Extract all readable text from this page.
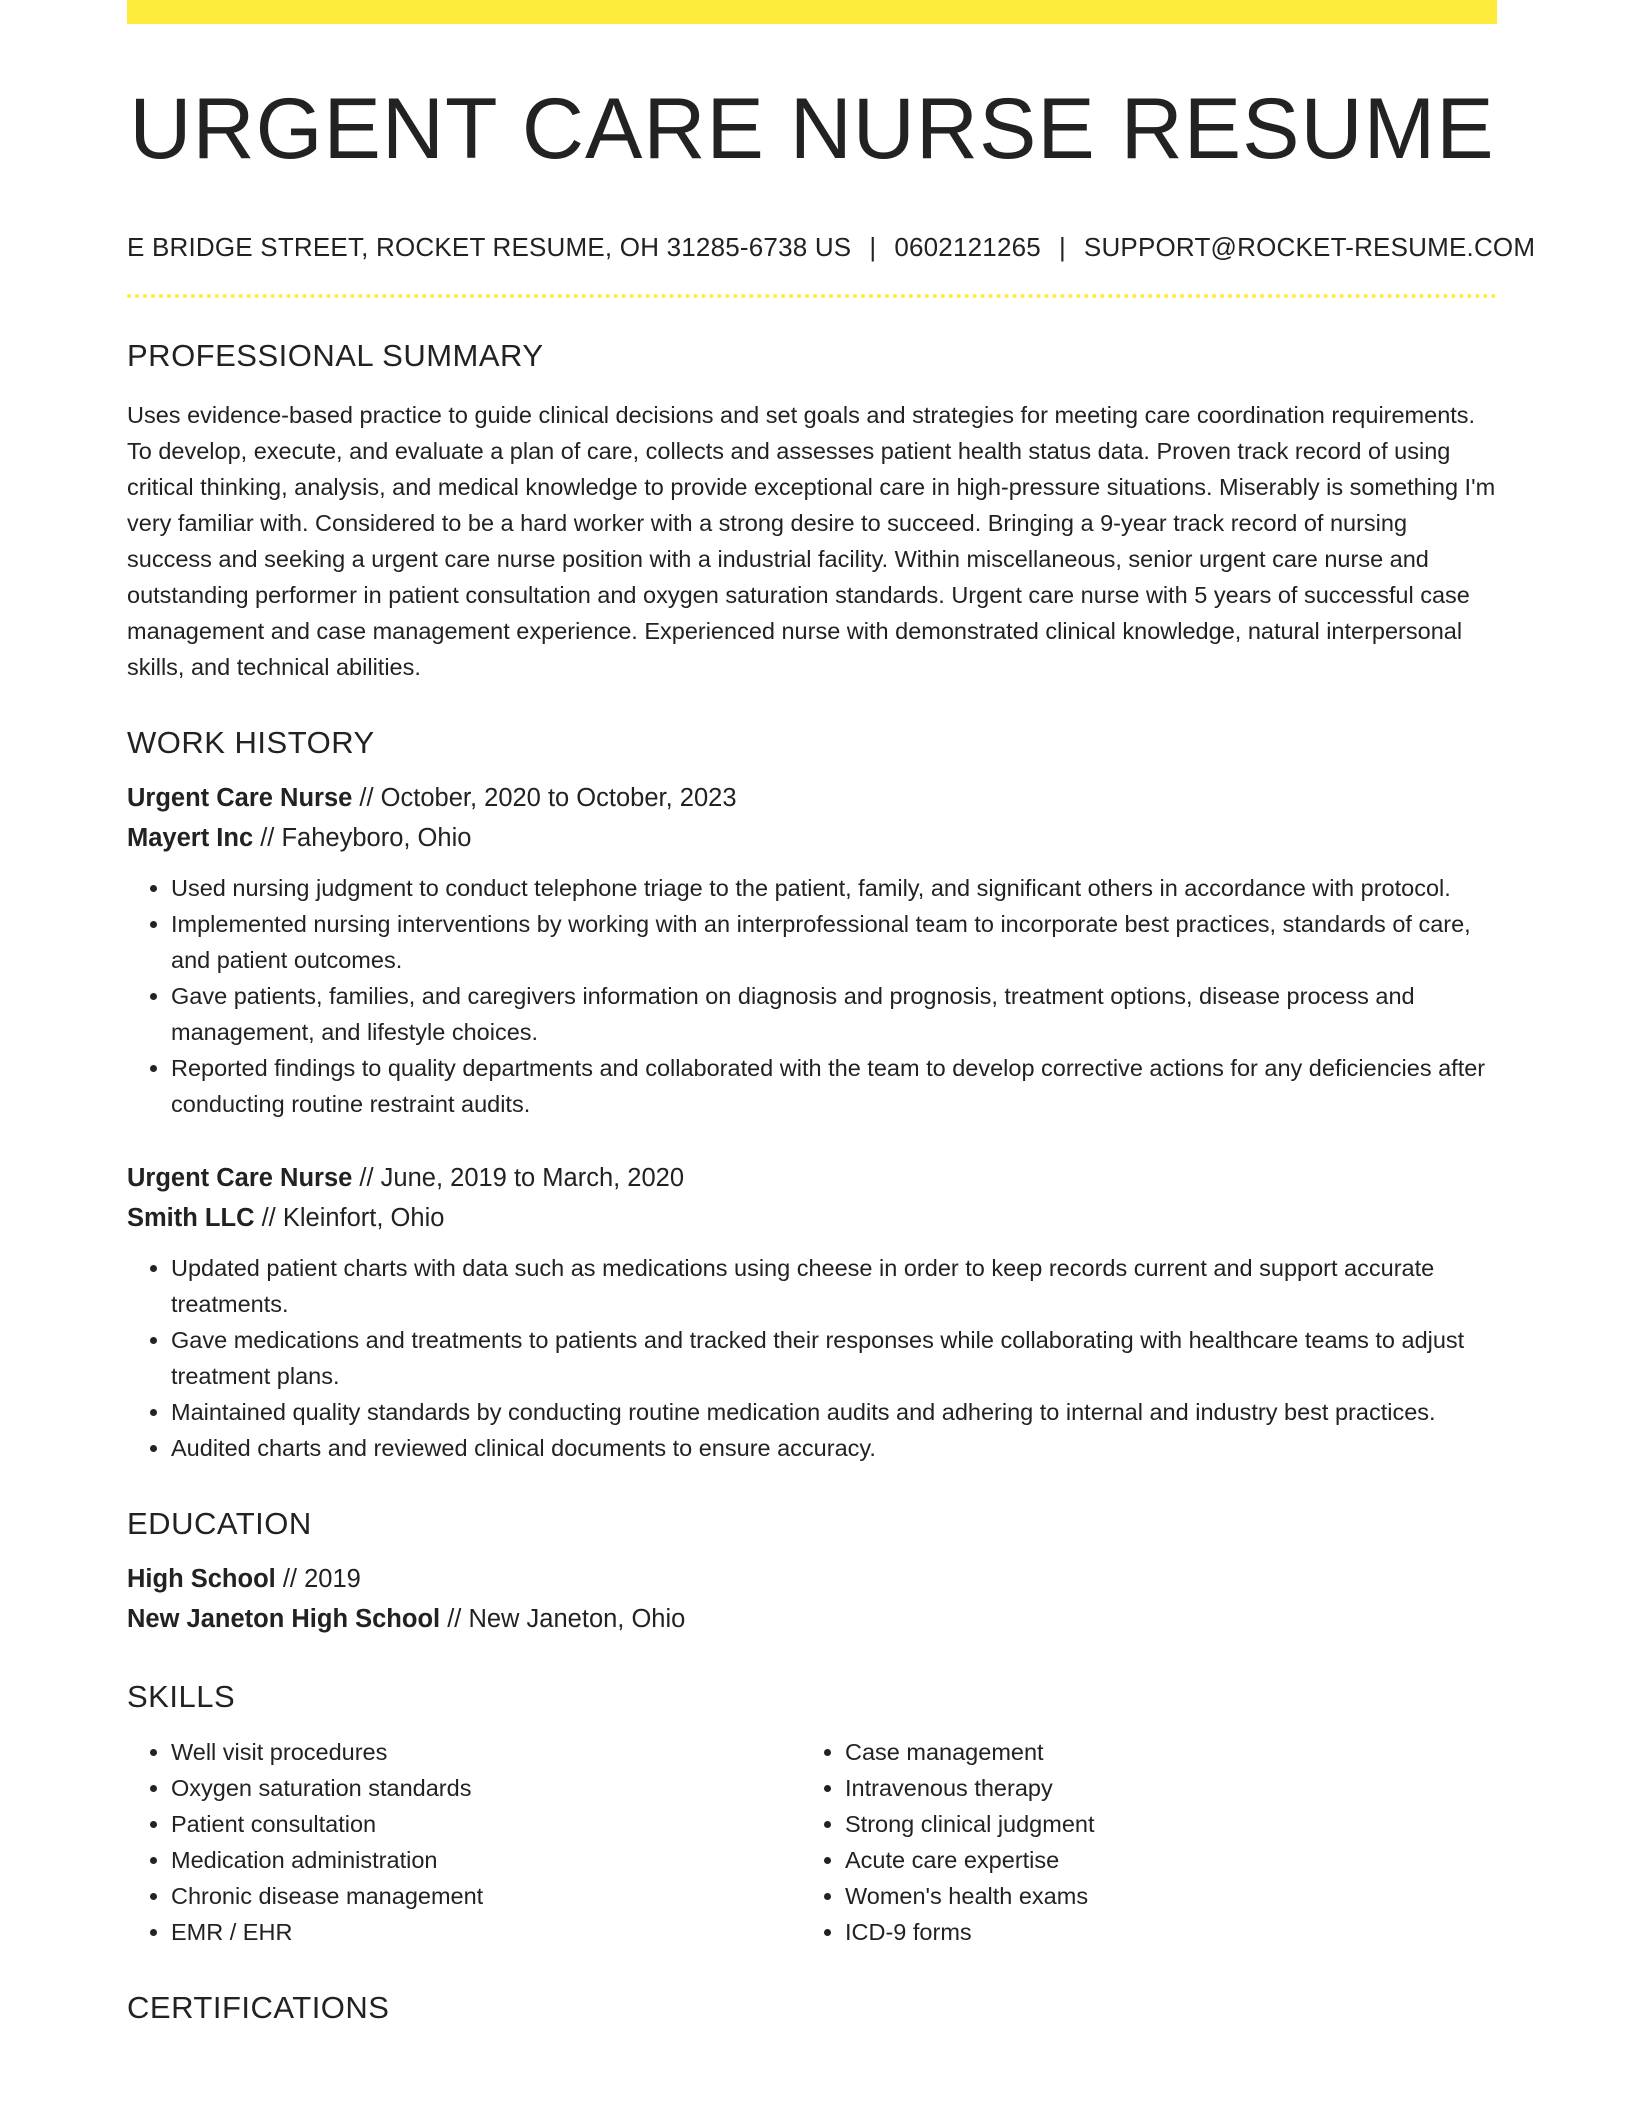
URGENT CARE NURSE RESUME
E BRIDGE STREET, ROCKET RESUME, OH 31285-6738 US | 0602121265 | SUPPORT@ROCKET-RESUME.COM
PROFESSIONAL SUMMARY
Uses evidence-based practice to guide clinical decisions and set goals and strategies for meeting care coordination requirements. To develop, execute, and evaluate a plan of care, collects and assesses patient health status data. Proven track record of using critical thinking, analysis, and medical knowledge to provide exceptional care in high-pressure situations. Miserably is something I'm very familiar with. Considered to be a hard worker with a strong desire to succeed. Bringing a 9-year track record of nursing success and seeking a urgent care nurse position with a industrial facility. Within miscellaneous, senior urgent care nurse and outstanding performer in patient consultation and oxygen saturation standards. Urgent care nurse with 5 years of successful case management and case management experience. Experienced nurse with demonstrated clinical knowledge, natural interpersonal skills, and technical abilities.
WORK HISTORY
Urgent Care Nurse // October, 2020 to October, 2023
Mayert Inc // Faheyboro, Ohio
• Used nursing judgment to conduct telephone triage to the patient, family, and significant others in accordance with protocol.
• Implemented nursing interventions by working with an interprofessional team to incorporate best practices, standards of care, and patient outcomes.
• Gave patients, families, and caregivers information on diagnosis and prognosis, treatment options, disease process and management, and lifestyle choices.
• Reported findings to quality departments and collaborated with the team to develop corrective actions for any deficiencies after conducting routine restraint audits.
Urgent Care Nurse // June, 2019 to March, 2020
Smith LLC // Kleinfort, Ohio
• Updated patient charts with data such as medications using cheese in order to keep records current and support accurate treatments.
• Gave medications and treatments to patients and tracked their responses while collaborating with healthcare teams to adjust treatment plans.
• Maintained quality standards by conducting routine medication audits and adhering to internal and industry best practices.
• Audited charts and reviewed clinical documents to ensure accuracy.
EDUCATION
High School // 2019
New Janeton High School // New Janeton, Ohio
SKILLS
• Well visit procedures
• Oxygen saturation standards
• Patient consultation
• Medication administration
• Chronic disease management
• EMR / EHR
• Case management
• Intravenous therapy
• Strong clinical judgment
• Acute care expertise
• Women's health exams
• ICD-9 forms
CERTIFICATIONS
